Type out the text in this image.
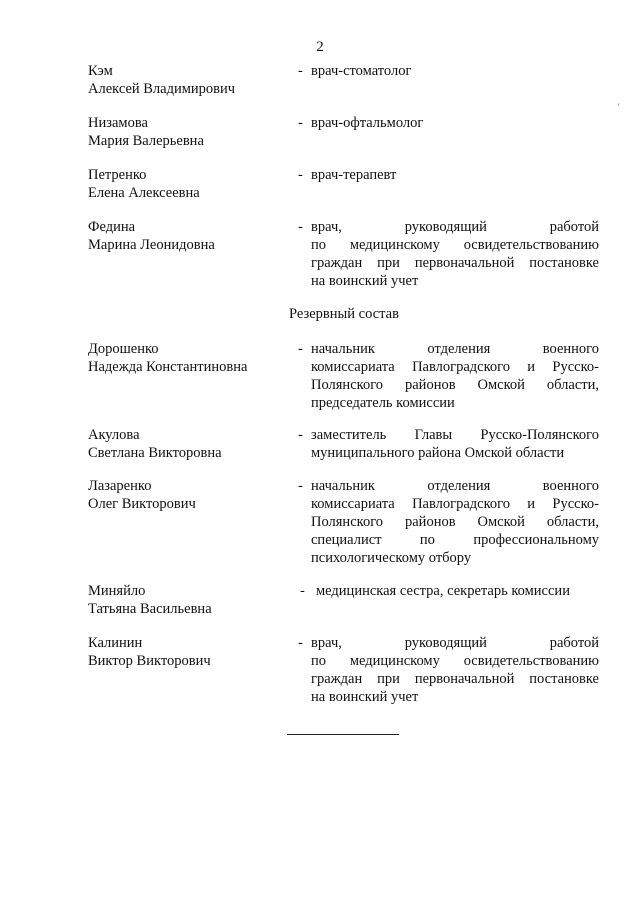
2
'
Кэм
Алексей Владимирович
- врач-стоматолог
Низамова
Мария Валерьевна
- врач-офтальмолог
Петренко
Елена Алексеевна
- врач-терапевт
Федина
Марина Леонидовна
- врач, руководящий работой
по медицинскому освидетельствованию
граждан при первоначальной постановке
на воинский учет
Резервный состав
Дорошенко
Надежда Константиновна
- начальник отделения военного
комиссариата Павлоградского и Русско-
Полянского районов Омской области,
председатель комиссии
Акулова
Светлана Викторовна
- заместитель Главы Русско-Полянского
муниципального района Омской области
Лазаренко
Олег Викторович
- начальник отделения военного
комиссариата Павлоградского и Русско-
Полянского районов Омской области,
специалист по профессиональному
психологическому отбору
Миняйло
Татьяна Васильевна
- медицинская сестра, секретарь комиссии
Калинин
Виктор Викторович
- врач, руководящий работой
по медицинскому освидетельствованию
граждан при первоначальной постановке
на воинский учет
